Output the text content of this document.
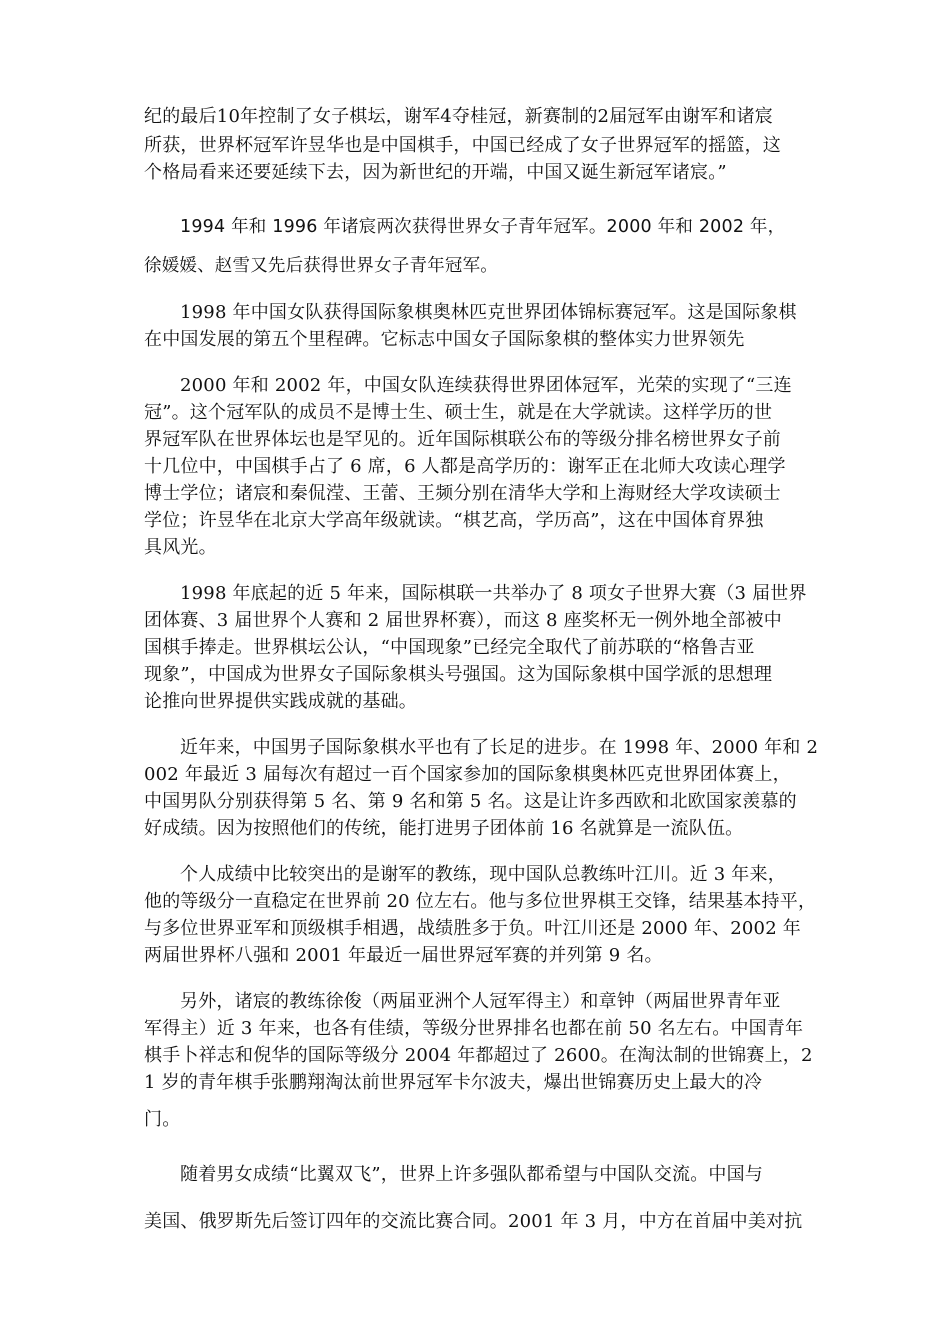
纪的最后10年控制了女子棋坛，谢军4夺桂冠，新赛制的2届冠军由谢军和诸宸
所获，世界杯冠军许昱华也是中国棋手，中国已经成了女子世界冠军的摇篮，这
个格局看来还要延续下去，因为新世纪的开端，中国又诞生新冠军诸宸。”
1994 年和 1996 年诸宸两次获得世界女子青年冠军。2000 年和 2002 年，
徐媛媛、赵雪又先后获得世界女子青年冠军。
1998 年中国女队获得国际象棋奥林匹克世界团体锦标赛冠军。这是国际象棋
在中国发展的第五个里程碑。它标志中国女子国际象棋的整体实力世界领先
2000 年和 2002 年，中国女队连续获得世界团体冠军，光荣的实现了“三连
冠”。这个冠军队的成员不是博士生、硕士生，就是在大学就读。这样学历的世
界冠军队在世界体坛也是罕见的。近年国际棋联公布的等级分排名榜世界女子前
十几位中，中国棋手占了 6 席，6 人都是高学历的：谢军正在北师大攻读心理学
博士学位；诸宸和秦侃滢、王蕾、王频分别在清华大学和上海财经大学攻读硕士
学位；许昱华在北京大学高年级就读。“棋艺高，学历高”，这在中国体育界独
具风光。
1998 年底起的近 5 年来，国际棋联一共举办了 8 项女子世界大赛（3 届世界
团体赛、3 届世界个人赛和 2 届世界杯赛），而这 8 座奖杯无一例外地全部被中
国棋手捧走。世界棋坛公认，“中国现象”已经完全取代了前苏联的“格鲁吉亚
现象”，中国成为世界女子国际象棋头号强国。这为国际象棋中国学派的思想理
论推向世界提供实践成就的基础。
近年来，中国男子国际象棋水平也有了长足的进步。在 1998 年、2000 年和 2
002 年最近 3 届每次有超过一百个国家参加的国际象棋奥林匹克世界团体赛上，
中国男队分别获得第 5 名、第 9 名和第 5 名。这是让许多西欧和北欧国家羡慕的
好成绩。因为按照他们的传统，能打进男子团体前 16 名就算是一流队伍。
个人成绩中比较突出的是谢军的教练，现中国队总教练叶江川。近 3 年来，
他的等级分一直稳定在世界前 20 位左右。他与多位世界棋王交锋，结果基本持平，
与多位世界亚军和顶级棋手相遇，战绩胜多于负。叶江川还是 2000 年、2002 年
两届世界杯八强和 2001 年最近一届世界冠军赛的并列第 9 名。
另外，诸宸的教练徐俊（两届亚洲个人冠军得主）和章钟（两届世界青年亚
军得主）近 3 年来，也各有佳绩，等级分世界排名也都在前 50 名左右。中国青年
棋手卜祥志和倪华的国际等级分 2004 年都超过了 2600。在淘汰制的世锦赛上，2
1 岁的青年棋手张鹏翔淘汰前世界冠军卡尔波夫，爆出世锦赛历史上最大的冷
门。
随着男女成绩“比翼双飞”，世界上许多强队都希望与中国队交流。中国与
美国、俄罗斯先后签订四年的交流比赛合同。2001 年 3 月，中方在首届中美对抗
